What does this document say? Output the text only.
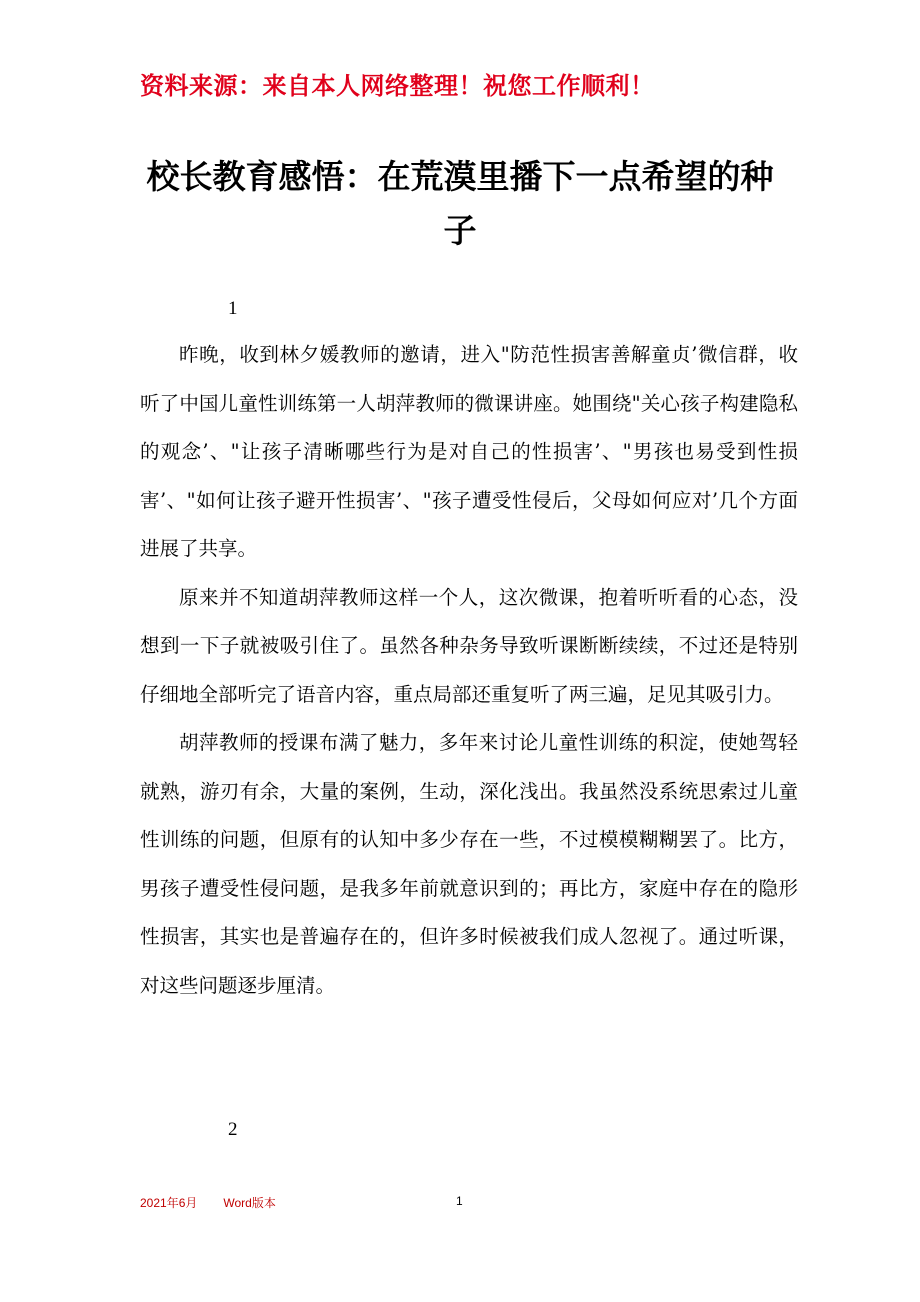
资料来源：来自本人网络整理！祝您工作顺利！
校长教育感悟：在荒漠里播下一点希望的种子
1

昨晚，收到林夕媛教师的邀请，进入"防范性损害善解童贞’微信群，收听了中国儿童性训练第一人胡萍教师的微课讲座。她围绕"关心孩子构建隐私的观念’、"让孩子清晰哪些行为是对自己的性损害’、"男孩也易受到性损害’、"如何让孩子避开性损害’、"孩子遭受性侵后，父母如何应对’几个方面进展了共享。

原来并不知道胡萍教师这样一个人，这次微课，抱着听听看的心态，没想到一下子就被吸引住了。虽然各种杂务导致听课断断续续，不过还是特别仔细地全部听完了语音内容，重点局部还重复听了两三遍，足见其吸引力。

胡萍教师的授课布满了魅力，多年来讨论儿童性训练的积淀，使她驾轻就熟，游刃有余，大量的案例，生动，深化浅出。我虽然没系统思索过儿童性训练的问题，但原有的认知中多少存在一些，不过模模糊糊罢了。比方，男孩子遭受性侵问题，是我多年前就意识到的；再比方，家庭中存在的隐形性损害，其实也是普遍存在的，但许多时候被我们成人忽视了。通过听课，对这些问题逐步厘清。

2
2021年6月 Word版本	1
